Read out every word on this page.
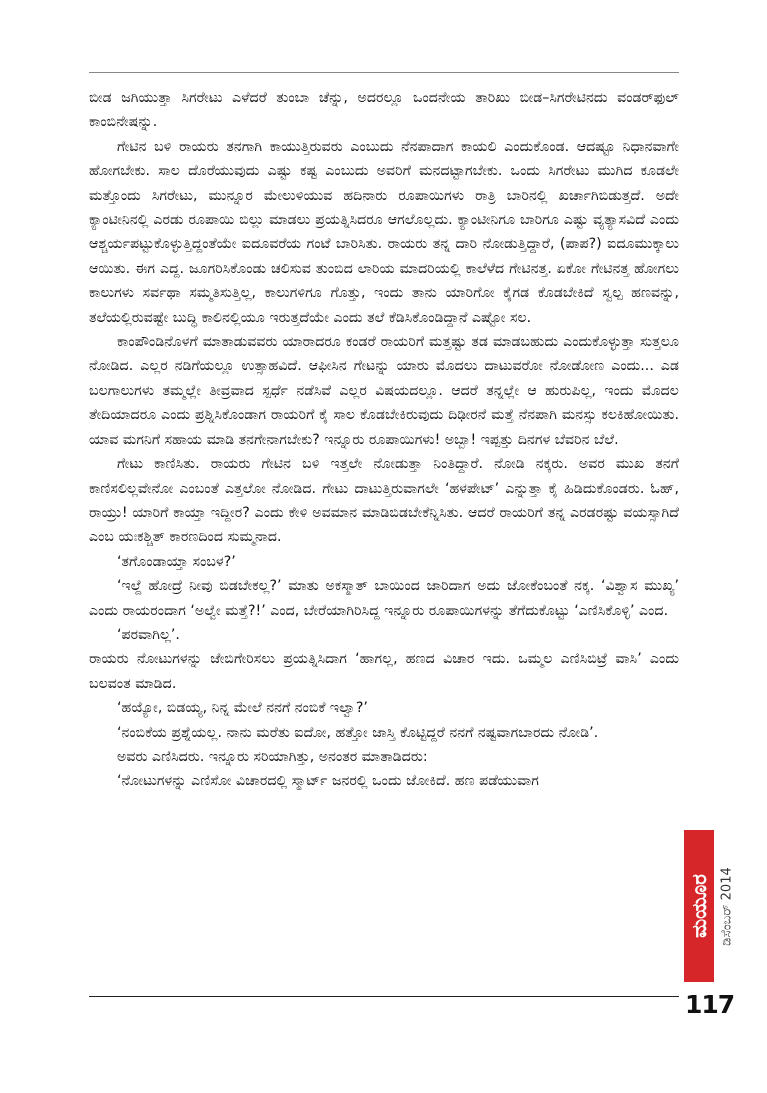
ಬೀಡ ಜಗಿಯುತ್ತಾ ಸಿಗರೇಟು ಎಳೆದರೆ ತುಂಬಾ ಚೆನ್ನು, ಅದರಲ್ಲೂ ಒಂದನೇಯ ತಾರಿಖು ಬೀಡ–ಸಿಗರೇಟಿನದು ವಂಡರ್‌ಫುಲ್ ಕಾಂಬಿನೇಷನ್ನು.

ಗೇಟಿನ ಬಳಿ ರಾಯರು ತನಗಾಗಿ ಕಾಯುತ್ತಿರುವರು ಎಂಬುದು ನೆನಪಾದಾಗ ಕಾಯಲಿ ಎಂದುಕೊಂಡ. ಆದಷ್ಟೂ ನಿಧಾನವಾಗೇ ಹೋಗಬೇಕು. ಸಾಲ ದೊರೆಯುವುದು ಎಷ್ಟು ಕಷ್ಟ ಎಂಬುದು ಅವರಿಗೆ ಮನದಟ್ಟಾಗಬೇಕು. ಒಂದು ಸಿಗರೇಟು ಮುಗಿದ ಕೂಡಲೇ ಮತ್ತೊಂದು ಸಿಗರೇಟು, ಮುನ್ನೂರ ಮೇಲುಳಿಯುವ ಹದಿನಾರು ರೂಪಾಯಿಗಳು ರಾತ್ರಿ ಬಾರಿನಲ್ಲಿ ಖರ್ಚಾಗಿಬಿಡುತ್ತದೆ. ಅದೇ ಕ್ಯಾಂಟೀನಿನಲ್ಲಿ ಎರಡು ರೂಪಾಯಿ ಬಿಲ್ಲು ಮಾಡಲು ಪ್ರಯತ್ನಿಸಿದರೂ ಆಗಲೊಲ್ಲದು. ಕ್ಯಾಂಟೀನಿಗೂ ಬಾರಿಗೂ ಎಷ್ಟು ವ್ಯತ್ಯಾಸವಿದೆ ಎಂದು ಆಶ್ಚರ್ಯಪಟ್ಟುಕೊಳ್ಳುತ್ತಿದ್ದಂತೆಯೇ ಐದೂವರೆಯ ಗಂಟೆ ಬಾರಿಸಿತು. ರಾಯರು ತನ್ನ ದಾರಿ ನೋಡುತ್ತಿದ್ದಾರೆ, (ಪಾಪ?) ಐದೂಮುಕ್ಕಾಲು ಆಯಿತು. ಈಗ ಎದ್ದ. ಜೂಗರಿಸಿಕೊಂಡು ಚಲಿಸುವ ತುಂಬಿದ ಲಾರಿಯ ಮಾದರಿಯಲ್ಲಿ ಕಾಲೆಳೆದ ಗೇಟಿನತ್ತ. ಏಕೋ ಗೇಟಿನತ್ತ ಹೋಗಲು ಕಾಲುಗಳು ಸರ್ವಥಾ ಸಮ್ಮತಿಸುತ್ತಿಲ್ಲ, ಕಾಲುಗಳಿಗೂ ಗೊತ್ತು, ಇಂದು ತಾನು ಯಾರಿಗೋ ಕೈಗಡ ಕೊಡಬೇಕಿದೆ ಸ್ವಲ್ಪ ಹಣವನ್ನು, ತಲೆಯಲ್ಲಿರುವಷ್ಟೇ ಬುದ್ಧಿ ಕಾಲಿನಲ್ಲಿಯೂ ಇರುತ್ತದೆಯೇ ಎಂದು ತಲೆ ಕೆಡಿಸಿಕೊಂಡಿದ್ದಾನೆ ಎಷ್ಟೋ ಸಲ.

ಕಾಂಪೌಂಡಿನೊಳಗೆ ಮಾತಾಡುವವರು ಯಾರಾದರೂ ಕಂಡರೆ ರಾಯರಿಗೆ ಮತ್ತಷ್ಟು ತಡ ಮಾಡಬಹುದು ಎಂದುಕೊಳ್ಳುತ್ತಾ ಸುತ್ತಲೂ ನೋಡಿದ. ಎಲ್ಲರ ನಡಿಗೆಯಲ್ಲೂ ಉತ್ಸಾಹವಿದೆ. ಆಫೀಸಿನ ಗೇಟನ್ನು ಯಾರು ಮೊದಲು ದಾಟುವರೋ ನೋಡೋಣ ಎಂದು... ಎಡ ಬಲಗಾಲುಗಳು ತಮ್ಮಲ್ಲೇ ತೀವ್ರವಾದ ಸ್ಪರ್ಧೆ ನಡೆಸಿವೆ ಎಲ್ಲರ ವಿಷಯದಲ್ಲೂ. ಆದರೆ ತನ್ನಲ್ಲೇ ಆ ಹುರುಪಿಲ್ಲ, ಇಂದು ಮೊದಲ ತೇದಿಯಾದರೂ ಎಂದು ಪ್ರಶ್ನಿಸಿಕೊಂಡಾಗ ರಾಯರಿಗೆ ಕೈ ಸಾಲ ಕೊಡಬೇಕಿರುವುದು ದಿಢೀರನೆ ಮತ್ತೆ ನೆನಪಾಗಿ ಮನಸ್ಸು ಕಲಕಿಹೋಯಿತು. ಯಾವ ಮಗನಿಗೆ ಸಹಾಯ ಮಾಡಿ ತನಗೇನಾಗಬೇಕು? ಇನ್ನೂರು ರೂಪಾಯಿಗಳು! ಅಬ್ಬಾ! ಇಪ್ಪತ್ತು ದಿನಗಳ ಬೆವರಿನ ಬೆಲೆ.

ಗೇಟು ಕಾಣಿಸಿತು. ರಾಯರು ಗೇಟಿನ ಬಳಿ ಇತ್ತಲೇ ನೋಡುತ್ತಾ ನಿಂತಿದ್ದಾರೆ. ನೋಡಿ ನಕ್ಕರು. ಅವರ ಮುಖ ತನಗೆ ಕಾಣಿಸಲಿಲ್ಲವೇನೋ ಎಂಬಂತೆ ಎತ್ತಲೋ ನೋಡಿದ. ಗೇಟು ದಾಟುತ್ತಿರುವಾಗಲೇ ‘ಹಳಪೇಟ್’ ಎನ್ನುತ್ತಾ ಕೈ ಹಿಡಿದುಕೊಂಡರು. ಓಹ್, ರಾಯ್ರು! ಯಾರಿಗೆ ಕಾಯ್ತಾ ಇದ್ದೀರ? ಎಂದು ಕೇಳಿ ಅವಮಾನ ಮಾಡಿಬಿಡಬೇಕೆನ್ನಿಸಿತು. ಆದರೆ ರಾಯರಿಗೆ ತನ್ನ ಎರಡರಷ್ಟು ವಯಸ್ಸಾಗಿದೆ ಎಂಬ ಯಃಕಶ್ಚಿತ್ ಕಾರಣದಿಂದ ಸುಮ್ಮನಾದ.

‘ತಗೊಂಡಾಯ್ತಾ ಸಂಬಳ?’

‘ಇಲ್ದೆ ಹೋದ್ರೆ ನೀವು ಬಿಡಬೇಕಲ್ಲ?’ ಮಾತು ಅಕಸ್ಮಾತ್ ಬಾಯಿಂದ ಜಾರಿದಾಗ ಅದು ಜೋಕೆಂಬಂತೆ ನಕ್ಕ. ‘ವಿಶ್ವಾಸ ಮುಖ್ಯ’ ಎಂದು ರಾಯರಂದಾಗ ‘ಅಲ್ವೇ ಮತ್ತೆ?!’ ಎಂದ, ಬೇರೆಯಾಗಿರಿಸಿದ್ದ ಇನ್ನೂರು ರೂಪಾಯಿಗಳನ್ನು ತೆಗೆದುಕೊಟ್ಟು ‘ಎಣಿಸಿಕೊಳ್ಳಿ’ ಎಂದ.

‘ಪರವಾಗಿಲ್ಲ’.

ರಾಯರು ನೋಟುಗಳನ್ನು ಜೇಬಿಗೇರಿಸಲು ಪ್ರಯತ್ನಿಸಿದಾಗ ‘ಹಾಗಲ್ಲ, ಹಣದ ವಿಚಾರ ಇದು. ಒಮ್ಮಲ ಎಣಿಸಿಬಿಟ್ರೆ ವಾಸಿ’ ಎಂದು ಬಲವಂತ ಮಾಡಿದ.

‘ಹಯ್ಯೋ, ಬಿಡಯ್ಯ, ನಿನ್ನ ಮೇಲೆ ನನಗೆ ನಂಬಿಕೆ ಇಲ್ವಾ?’

‘ನಂಬಿಕೆಯ ಪ್ರಶ್ನೆಯಲ್ಲ. ನಾನು ಮರೆತು ಐದೋ, ಹತ್ತೋ ಜಾಸ್ತಿ ಕೊಟ್ಟಿದ್ದರೆ ನನಗೆ ನಷ್ಟವಾಗಬಾರದು ನೋಡಿ’.

ಅವರು ಎಣಿಸಿದರು. ಇನ್ನೂರು ಸರಿಯಾಗಿತ್ತು, ಅನಂತರ ಮಾತಾಡಿದರು:

‘ನೋಟುಗಳನ್ನು ಎಣಿಸೋ ವಿಚಾರದಲ್ಲಿ ಸ್ಮಾರ್ಟ್ ಜನರಲ್ಲಿ ಒಂದು ಜೋಕಿದೆ. ಹಣ ಪಡೆಯುವಾಗ

ಮಯೂರ ಡಿಸೆಂಬರ್ 2014
117
